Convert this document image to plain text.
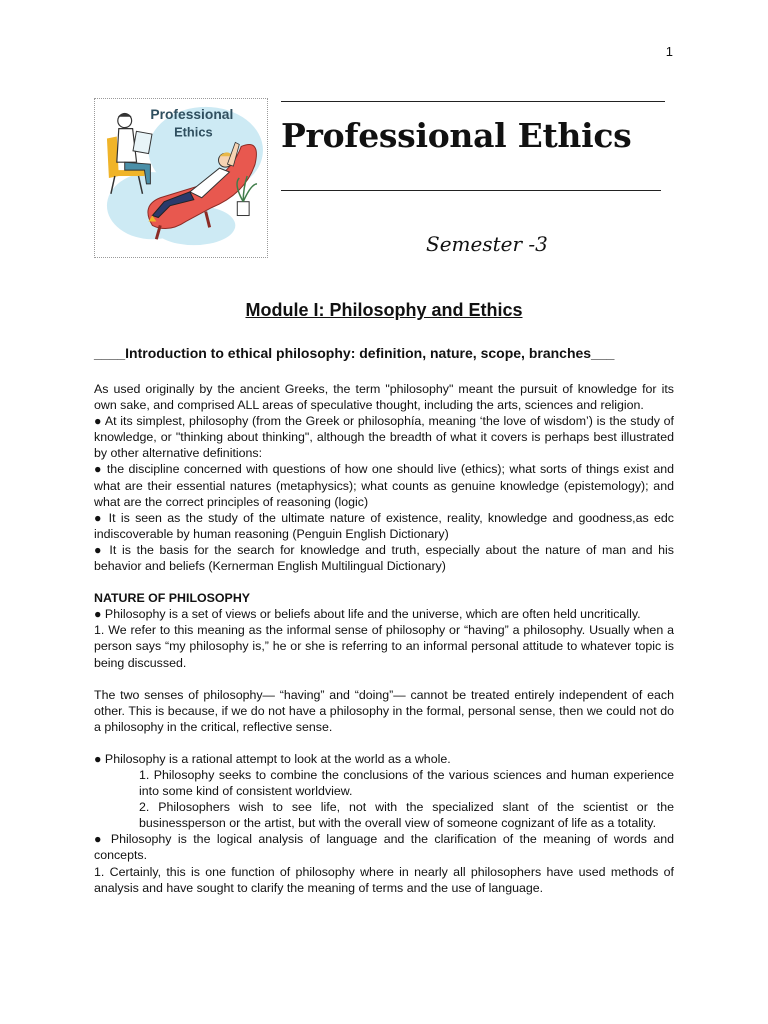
1
Professional
Ethics Professional Ethics
Semester -3
Module I: Philosophy and Ethics
____Introduction to ethical philosophy: definition, nature, scope, branches___

As used originally by the ancient Greeks, the term "philosophy" meant the pursuit of knowledge for its own sake, and comprised ALL areas of speculative thought, including the arts, sciences and religion.

● At its simplest, philosophy (from the Greek or philosophía, meaning ‘the love of wisdom’) is the study of knowledge, or "thinking about thinking", although the breadth of what it covers is perhaps best illustrated by other alternative definitions:

● the discipline concerned with questions of how one should live (ethics); what sorts of things exist and what are their essential natures (metaphysics); what counts as genuine knowledge (epistemology); and what are the correct principles of reasoning (logic)

● It is seen as the study of the ultimate nature of existence, reality, knowledge and goodness,as edc indiscoverable by human reasoning (Penguin English Dictionary)

● It is the basis for the search for knowledge and truth, especially about the nature of man and his behavior and beliefs (Kernerman English Multilingual Dictionary)

NATURE OF PHILOSOPHY

● Philosophy is a set of views or beliefs about life and the universe, which are often held uncritically.

1. We refer to this meaning as the informal sense of philosophy or “having” a philosophy. Usually when a person says “my philosophy is,” he or she is referring to an informal personal attitude to whatever topic is being discussed.

The two senses of philosophy— “having” and “doing”— cannot be treated entirely independent of each other. This is because, if we do not have a philosophy in the formal, personal sense, then we could not do a philosophy in the critical, reflective sense.

● Philosophy is a rational attempt to look at the world as a whole.

1. Philosophy seeks to combine the conclusions of the various sciences and human experience into some kind of consistent worldview.

2. Philosophers wish to see life, not with the specialized slant of the scientist or the businessperson or the artist, but with the overall view of someone cognizant of life as a totality.

● Philosophy is the logical analysis of language and the clarification of the meaning of words and concepts.

1. Certainly, this is one function of philosophy where in nearly all philosophers have used methods of analysis and have sought to clarify the meaning of terms and the use of language.
